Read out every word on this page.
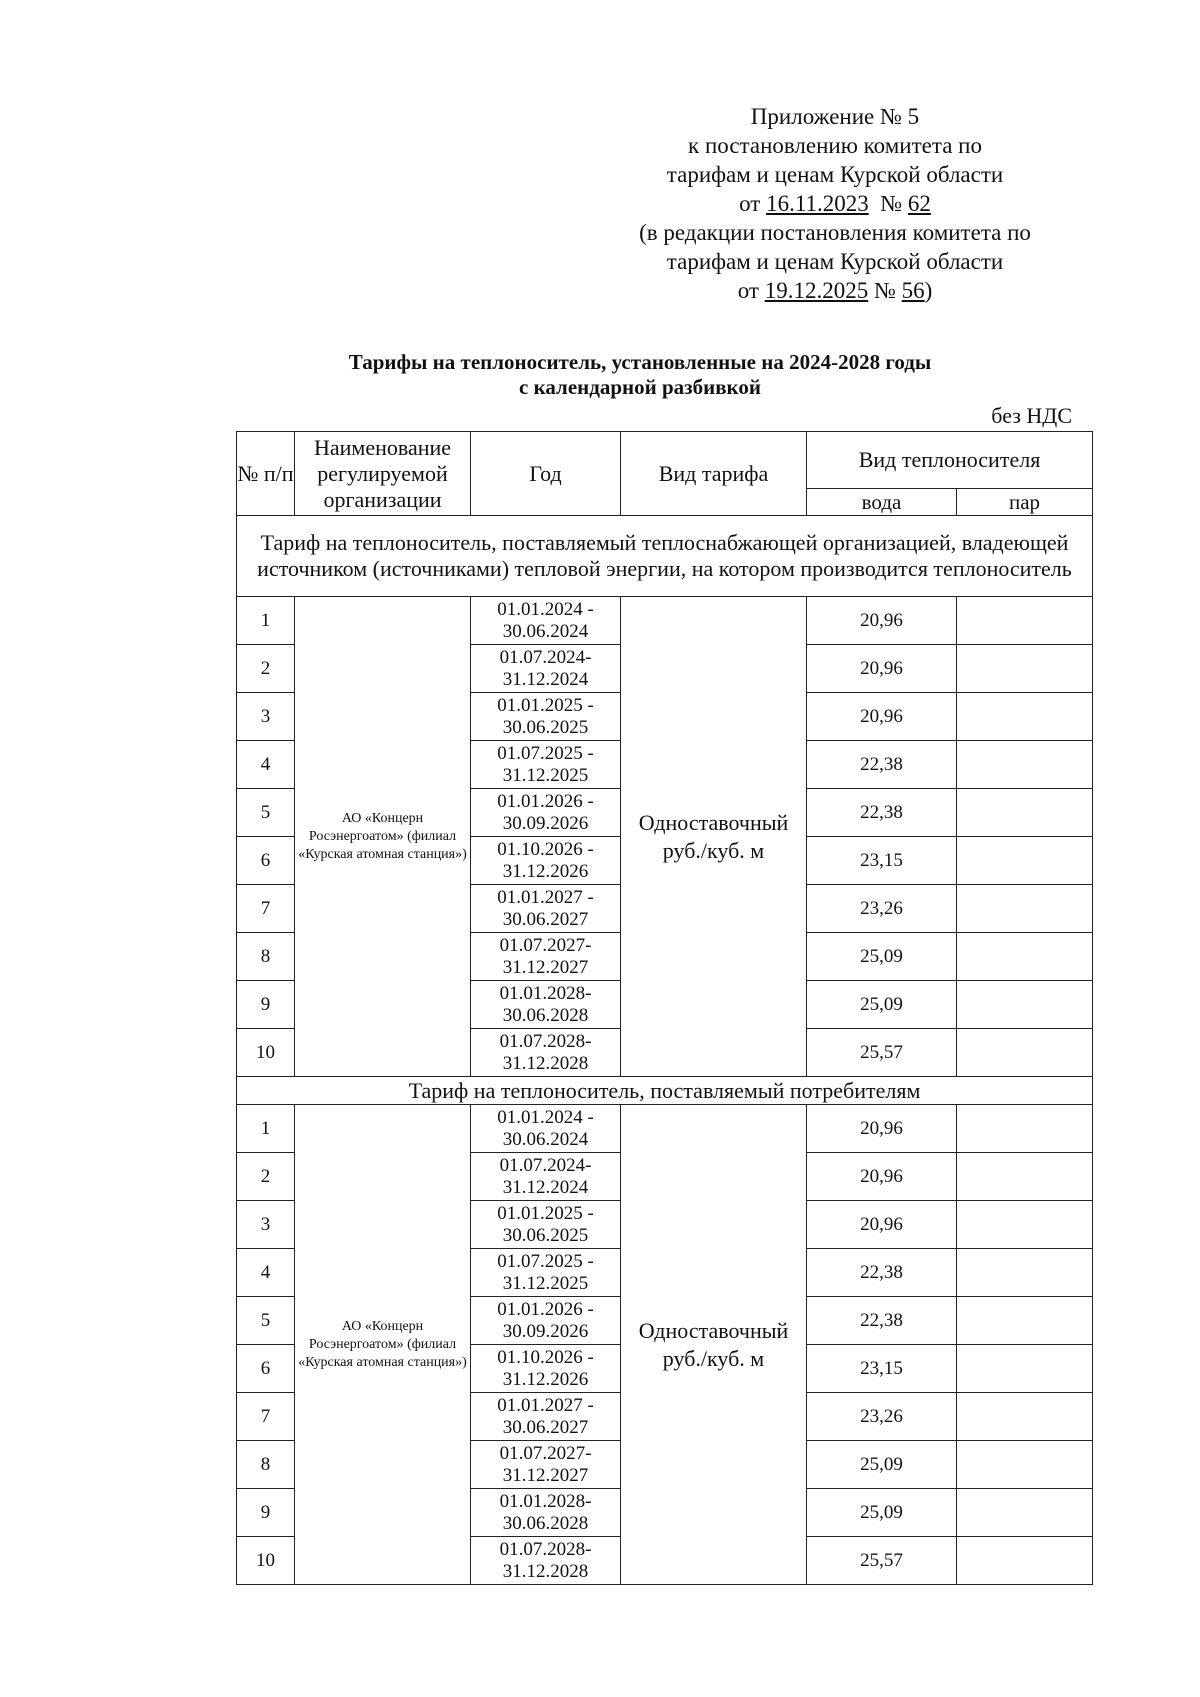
Приложение № 5
к постановлению комитета по
тарифам и ценам Курской области
от 16.11.2023 № 62
(в редакции постановления комитета по
тарифам и ценам Курской области
от 19.12.2025 № 56)
Тарифы на теплоноситель, установленные на 2024-2028 годы
с календарной разбивкой
без НДС
№ п/п	Наименование регулируемой организации	Год	Вид тарифа	Вид теплоносителя	
				вода	пар
Тариф на теплоноситель, поставляемый теплоснабжающей организацией, владеющей источником (источниками) тепловой энергии, на котором производится теплоноситель					
1	АО «Концерн Росэнергоатом» (филиал «Курская атомная станция»)	01.01.2024 - 30.06.2024	Одноставочный руб./куб. м	20,96	
2		01.07.2024- 31.12.2024		20,96	
3		01.01.2025 - 30.06.2025		20,96	
4		01.07.2025 - 31.12.2025		22,38	
5		01.01.2026 - 30.09.2026		22,38	
6		01.10.2026 - 31.12.2026		23,15	
7		01.01.2027 - 30.06.2027		23,26	
8		01.07.2027- 31.12.2027		25,09	
9		01.01.2028- 30.06.2028		25,09	
10		01.07.2028- 31.12.2028		25,57	
Тариф на теплоноситель, поставляемый потребителям					
1	АО «Концерн Росэнергоатом» (филиал «Курская атомная станция»)	01.01.2024 - 30.06.2024	Одноставочный руб./куб. м	20,96	
2		01.07.2024- 31.12.2024		20,96	
3		01.01.2025 - 30.06.2025		20,96	
4		01.07.2025 - 31.12.2025		22,38	
5		01.01.2026 - 30.09.2026		22,38	
6		01.10.2026 - 31.12.2026		23,15	
7		01.01.2027 - 30.06.2027		23,26	
8		01.07.2027- 31.12.2027		25,09	
9		01.01.2028- 30.06.2028		25,09	
10		01.07.2028- 31.12.2028		25,57	
